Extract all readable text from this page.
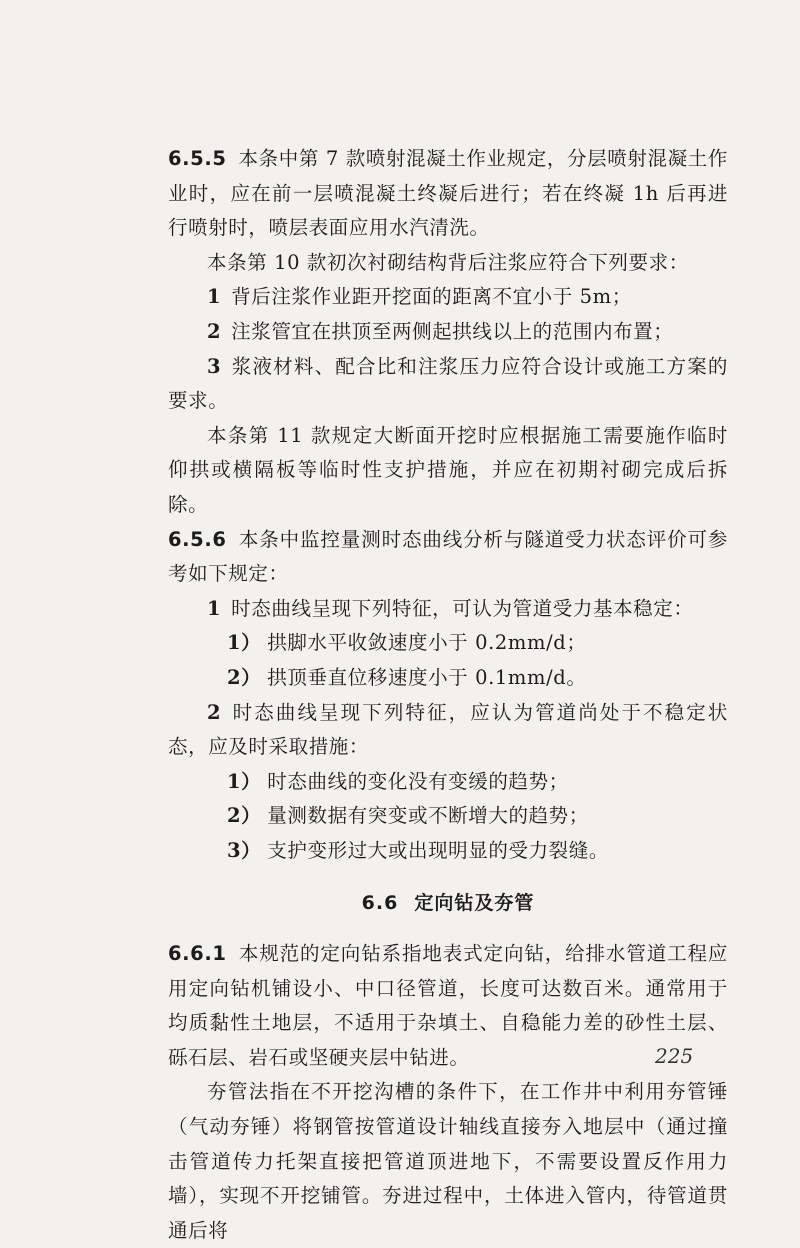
6.5.5 本条中第 7 款喷射混凝土作业规定，分层喷射混凝土作业时，应在前一层喷混凝土终凝后进行；若在终凝 1h 后再进行喷射时，喷层表面应用水汽清洗。

本条第 10 款初次衬砌结构背后注浆应符合下列要求：

1 背后注浆作业距开挖面的距离不宜小于 5m；

2 注浆管宜在拱顶至两侧起拱线以上的范围内布置；

3 浆液材料、配合比和注浆压力应符合设计或施工方案的要求。

本条第 11 款规定大断面开挖时应根据施工需要施作临时仰拱或横隔板等临时性支护措施，并应在初期衬砌完成后拆除。

6.5.6 本条中监控量测时态曲线分析与隧道受力状态评价可参考如下规定：

1 时态曲线呈现下列特征，可认为管道受力基本稳定：

1） 拱脚水平收敛速度小于 0.2mm/d；

2） 拱顶垂直位移速度小于 0.1mm/d。

2 时态曲线呈现下列特征，应认为管道尚处于不稳定状态，应及时采取措施：

1） 时态曲线的变化没有变缓的趋势；

2） 量测数据有突变或不断增大的趋势；

3） 支护变形过大或出现明显的受力裂缝。

6.6 定向钻及夯管

6.6.1 本规范的定向钻系指地表式定向钻，给排水管道工程应用定向钻机铺设小、中口径管道，长度可达数百米。通常用于均质黏性土地层，不适用于杂填土、自稳能力差的砂性土层、砾石层、岩石或坚硬夹层中钻进。

夯管法指在不开挖沟槽的条件下，在工作井中利用夯管锤（气动夯锤）将钢管按管道设计轴线直接夯入地层中（通过撞击管道传力托架直接把管道顶进地下，不需要设置反作用力墙），实现不开挖铺管。夯进过程中，土体进入管内，待管道贯通后将

225
